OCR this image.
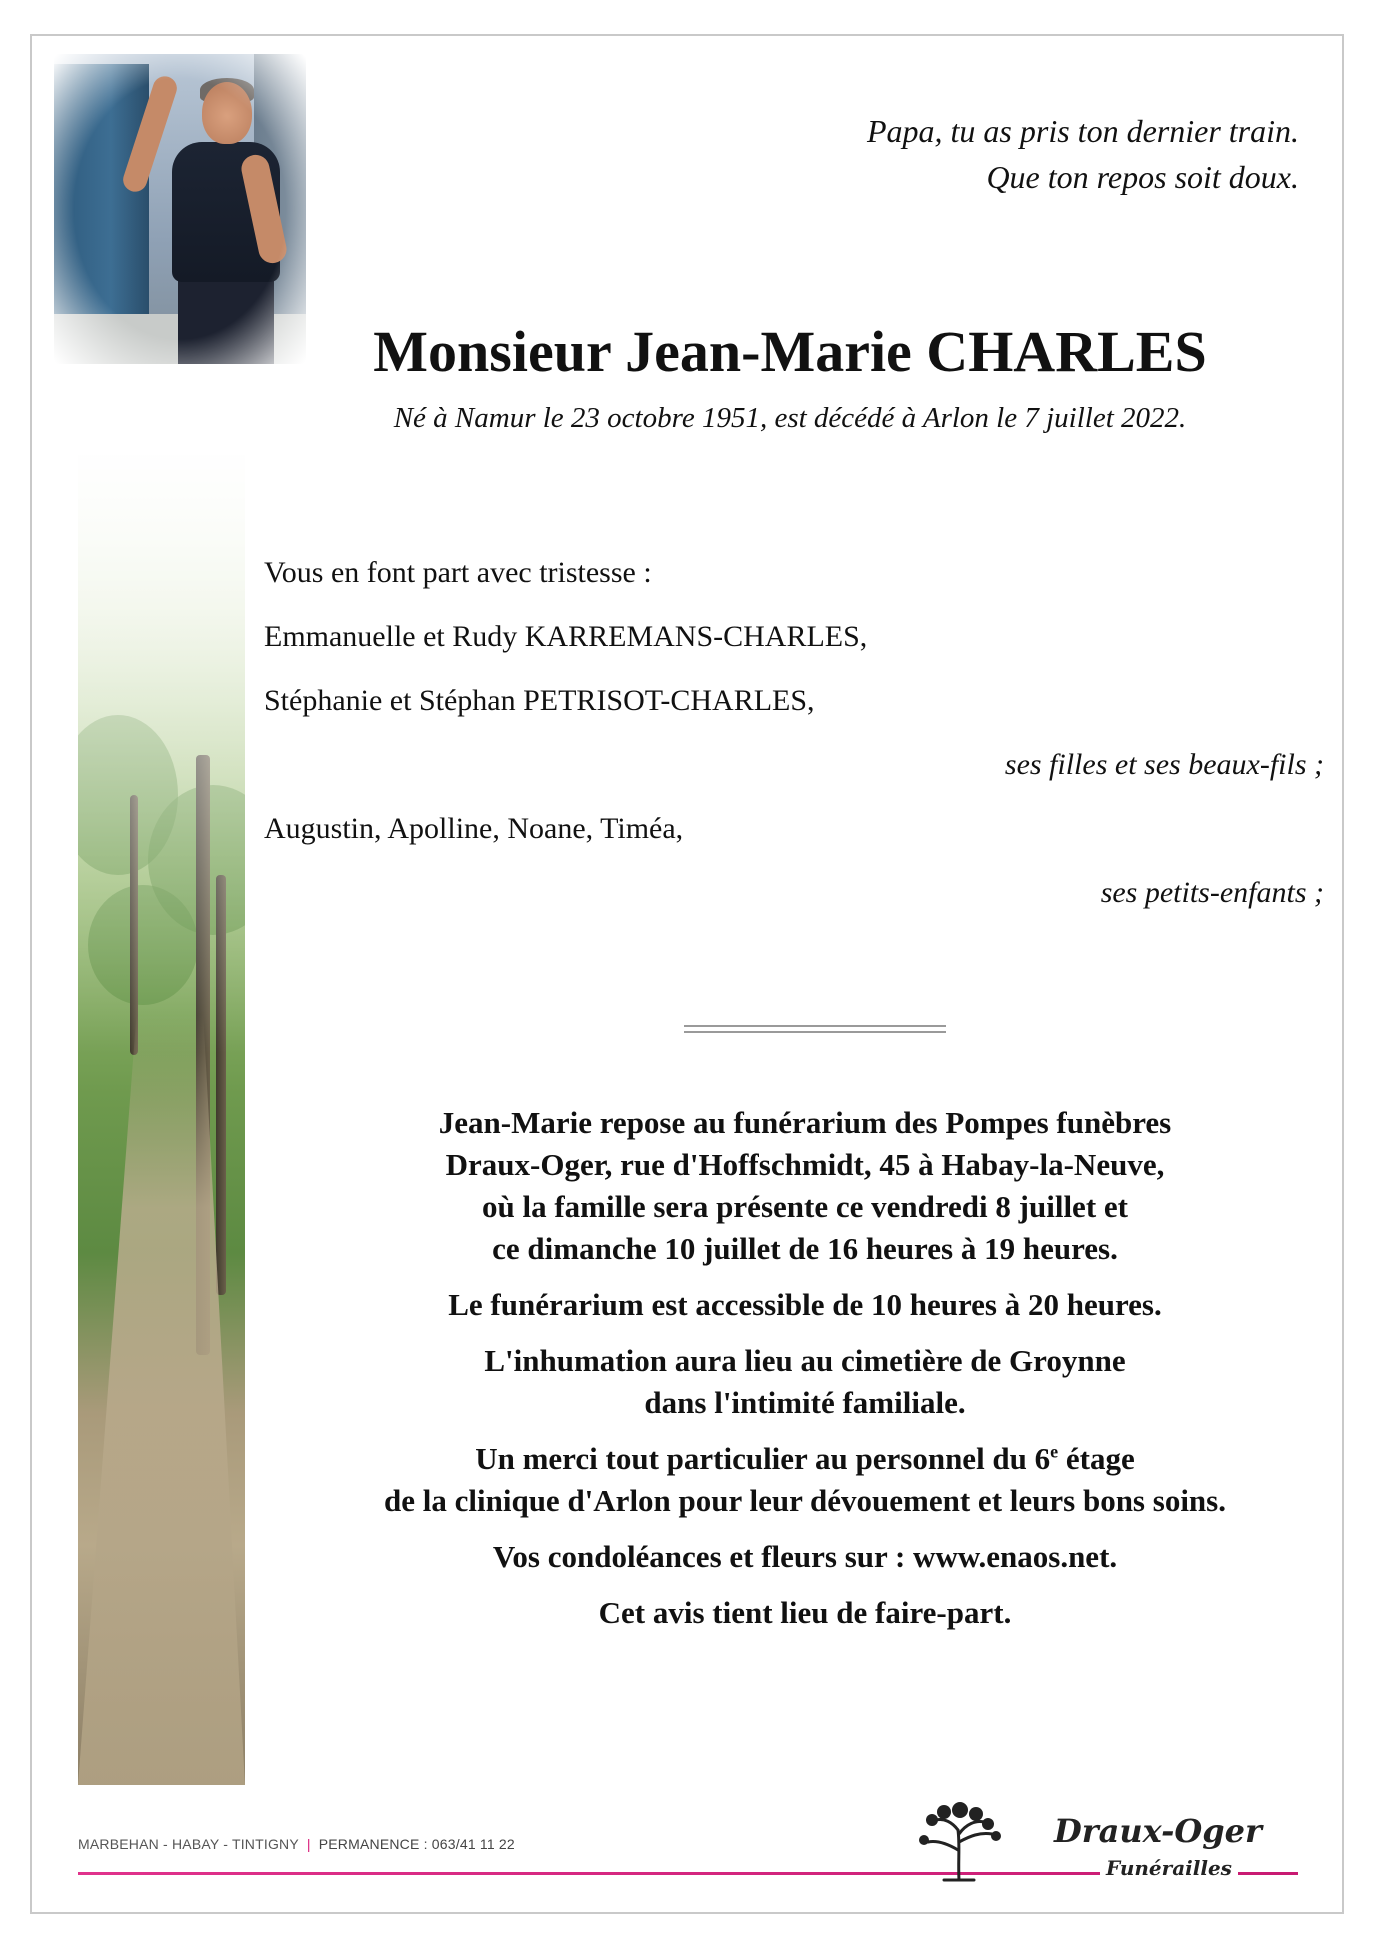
Papa, tu as pris ton dernier train.
Que ton repos soit doux.
Monsieur Jean-Marie CHARLES
Né à Namur le 23 octobre 1951, est décédé à Arlon le 7 juillet 2022.
Vous en font part avec tristesse :
Emmanuelle et Rudy KARREMANS-CHARLES,
Stéphanie et Stéphan PETRISOT-CHARLES,
ses filles et ses beaux-fils ;
Augustin, Apolline, Noane, Timéa,
ses petits-enfants ;

Jean-Marie repose au funérarium des Pompes funèbres
Draux-Oger, rue d'Hoffschmidt, 45 à Habay-la-Neuve,
où la famille sera présente ce vendredi 8 juillet et
ce dimanche 10 juillet de 16 heures à 19 heures.

Le funérarium est accessible de 10 heures à 20 heures.

L'inhumation aura lieu au cimetière de Groynne
dans l'intimité familiale.

Un merci tout particulier au personnel du 6e étage
de la clinique d'Arlon pour leur dévouement et leurs bons soins.

Vos condoléances et fleurs sur : www.enaos.net.

Cet avis tient lieu de faire-part.

MARBEHAN - HABAY - TINTIGNY | PERMANENCE : 063/41 11 22	Draux-Oger
Funérailles
